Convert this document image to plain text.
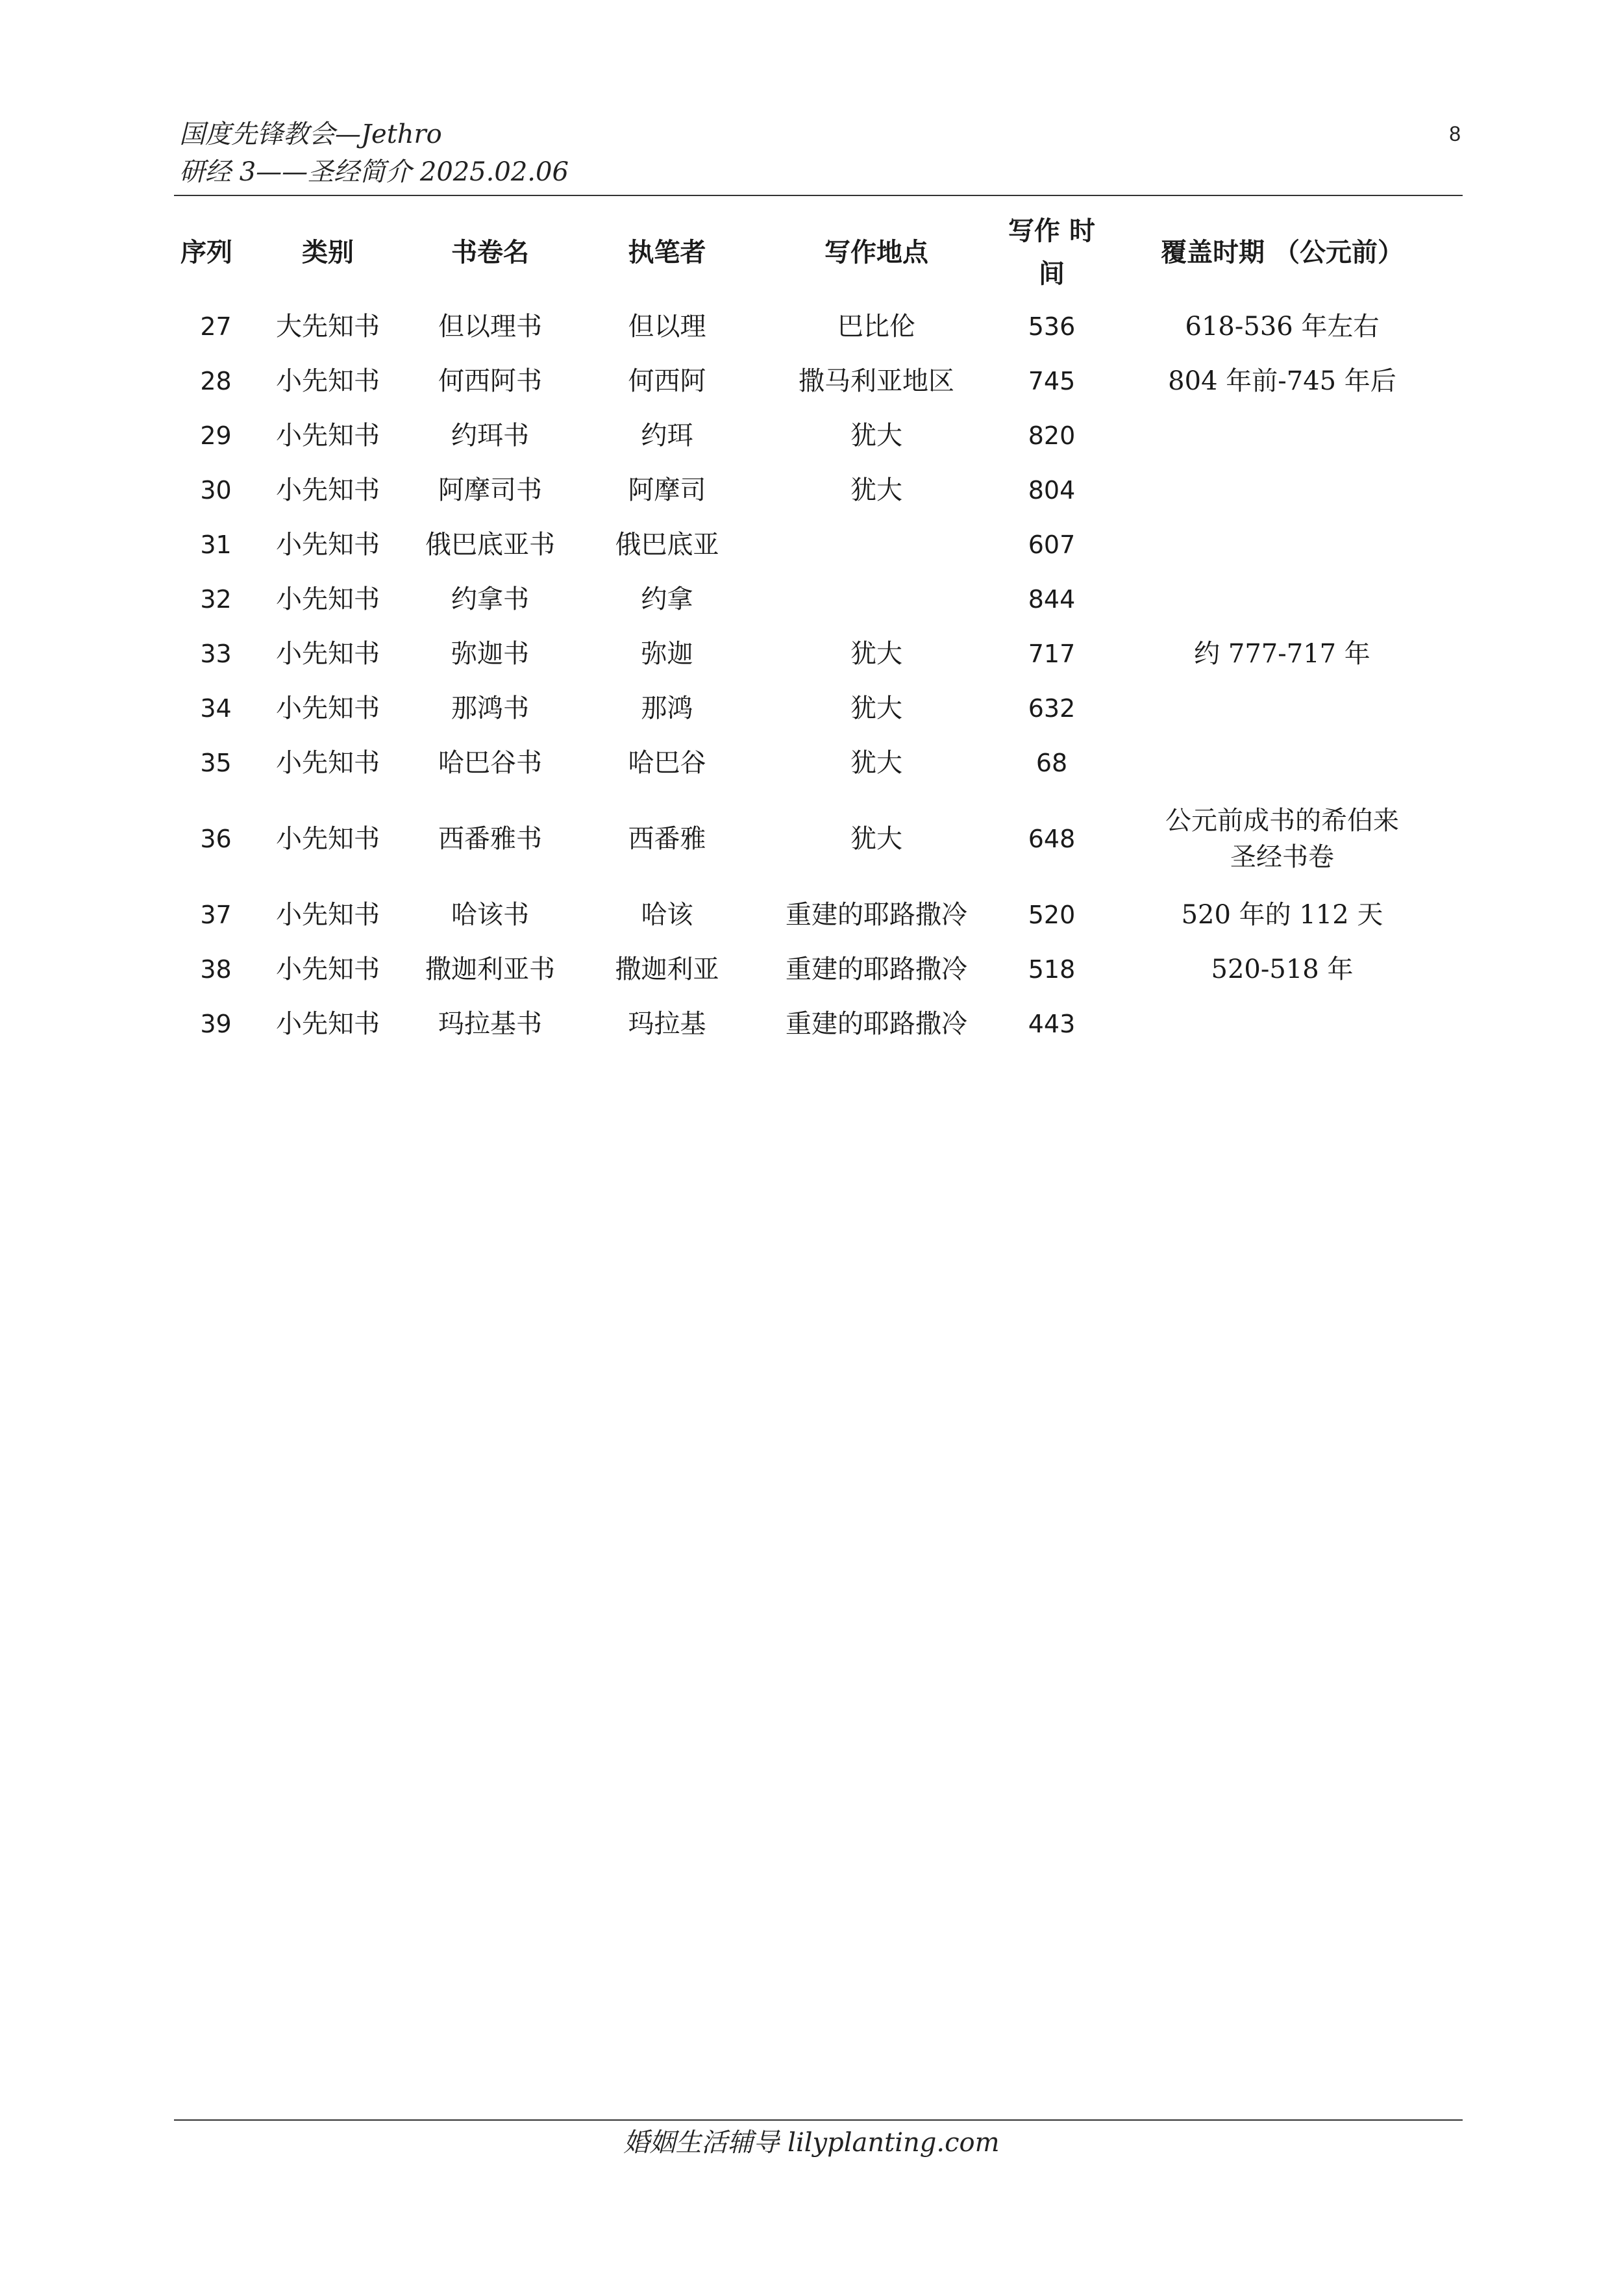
国度先锋教会—Jethro
研经 3——圣经简介 2025.02.06
8
序列	类别	书卷名	执笔者	写作地点	写作 时间	覆盖时期 （公元前）
27	大先知书	但以理书	但以理	巴比伦	536	618-536 年左右
28	小先知书	何西阿书	何西阿	撒马利亚地区	745	804 年前-745 年后
29	小先知书	约珥书	约珥	犹大	820	
30	小先知书	阿摩司书	阿摩司	犹大	804	
31	小先知书	俄巴底亚书	俄巴底亚		607	
32	小先知书	约拿书	约拿		844	
33	小先知书	弥迦书	弥迦	犹大	717	约 777-717 年
34	小先知书	那鸿书	那鸿	犹大	632	
35	小先知书	哈巴谷书	哈巴谷	犹大	68	
36	小先知书	西番雅书	西番雅	犹大	648	公元前成书的希伯来
圣经书卷

37	小先知书	哈该书	哈该	重建的耶路撒冷	520	520 年的 112 天
38	小先知书	撒迦利亚书	撒迦利亚	重建的耶路撒冷	518	520-518 年
39	小先知书	玛拉基书	玛拉基	重建的耶路撒冷	443	
婚姻生活辅导 lilyplanting.com
